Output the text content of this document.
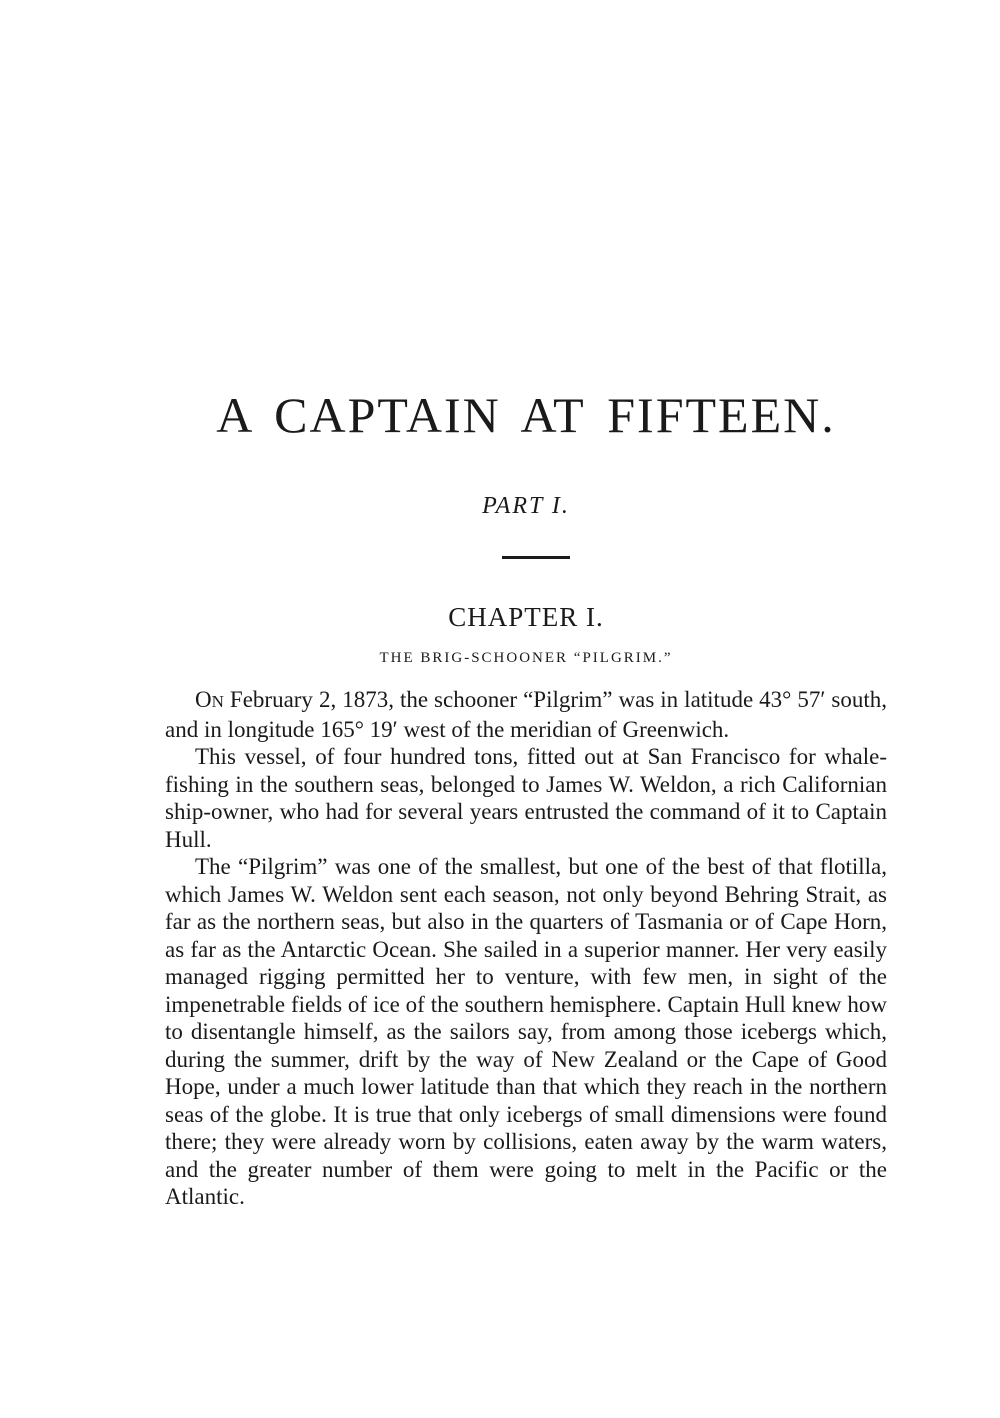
A CAPTAIN AT FIFTEEN.
PART I.
CHAPTER I.
THE BRIG-SCHOONER “PILGRIM.”

ON February 2, 1873, the schooner “Pilgrim” was in latitude 43° 57′ south, and in longitude 165° 19′ west of the meridian of Greenwich.

This vessel, of four hundred tons, fitted out at San Francisco for whale-fishing in the southern seas, belonged to James W. Weldon, a rich Californian ship-owner, who had for several years entrusted the command of it to Captain Hull.

The “Pilgrim” was one of the smallest, but one of the best of that flotilla, which James W. Weldon sent each season, not only beyond Behring Strait, as far as the northern seas, but also in the quarters of Tasmania or of Cape Horn, as far as the Antarctic Ocean. She sailed in a superior manner. Her very easily managed rigging permitted her to venture, with few men, in sight of the impenetrable fields of ice of the southern hemisphere. Captain Hull knew how to disentangle himself, as the sailors say, from among those icebergs which, during the summer, drift by the way of New Zealand or the Cape of Good Hope, under a much lower latitude than that which they reach in the northern seas of the globe. It is true that only icebergs of small dimensions were found there; they were already worn by collisions, eaten away by the warm waters, and the greater number of them were going to melt in the Pacific or the Atlantic.
